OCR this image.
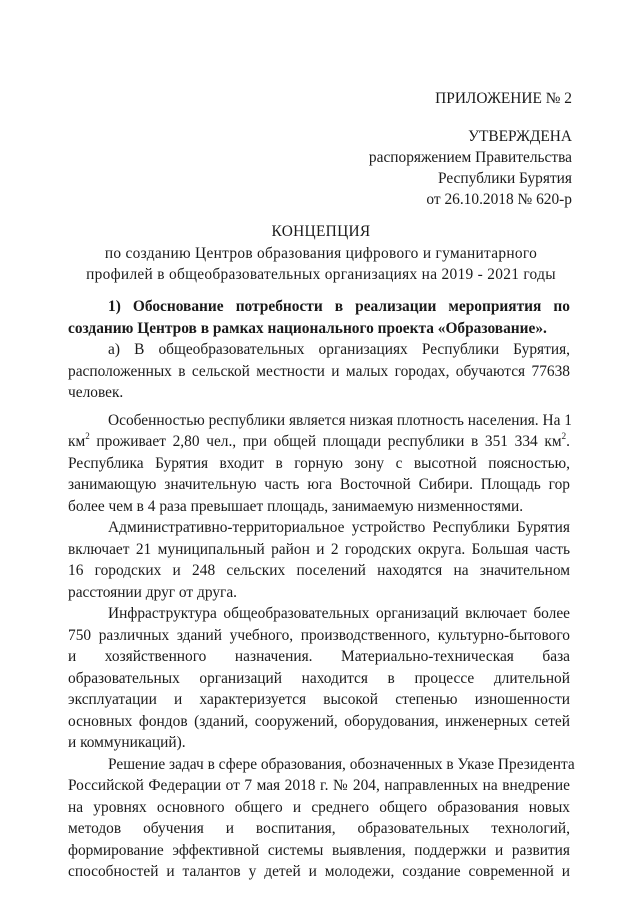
ПРИЛОЖЕНИЕ № 2
УТВЕРЖДЕНА
распоряжением Правительства
Республики Бурятия
от 26.10.2018 № 620-р
КОНЦЕПЦИЯ
по созданию Центров образования цифрового и гуманитарного
профилей в общеобразовательных организациях на 2019 - 2021 годы
1) Обоснование потребности в реализации мероприятия по
созданию Центров в рамках национального проекта «Образование».
а) В общеобразовательных организациях Республики Бурятия,
расположенных в сельской местности и малых городах, обучаются 77638
человек.
Особенностью республики является низкая плотность населения. На 1
$км^2$ проживает 2,80 чел., при общей площади республики в 351 334 $км^2$.
Республика Бурятия входит в горную зону с высотной поясностью,
занимающую значительную часть юга Восточной Сибири. Площадь гор
более чем в 4 раза превышает площадь, занимаемую низменностями.
Административно-территориальное устройство Республики Бурятия
включает 21 муниципальный район и 2 городских округа. Большая часть
16 городских и 248 сельских поселений находятся на значительном
расстоянии друг от друга.
Инфраструктура общеобразовательных организаций включает более
750 различных зданий учебного, производственного, культурно-бытового
и хозяйственного назначения. Материально-техническая база
образовательных организаций находится в процессе длительной
эксплуатации и характеризуется высокой степенью изношенности
основных фондов (зданий, сооружений, оборудования, инженерных сетей
и коммуникаций).
Решение задач в сфере образования, обозначенных в Указе Президента
Российской Федерации от 7 мая 2018 г. № 204, направленных на внедрение
на уровнях основного общего и среднего общего образования новых
методов обучения и воспитания, образовательных технологий,
формирование эффективной системы выявления, поддержки и развития
способностей и талантов у детей и молодежи, создание современной и
